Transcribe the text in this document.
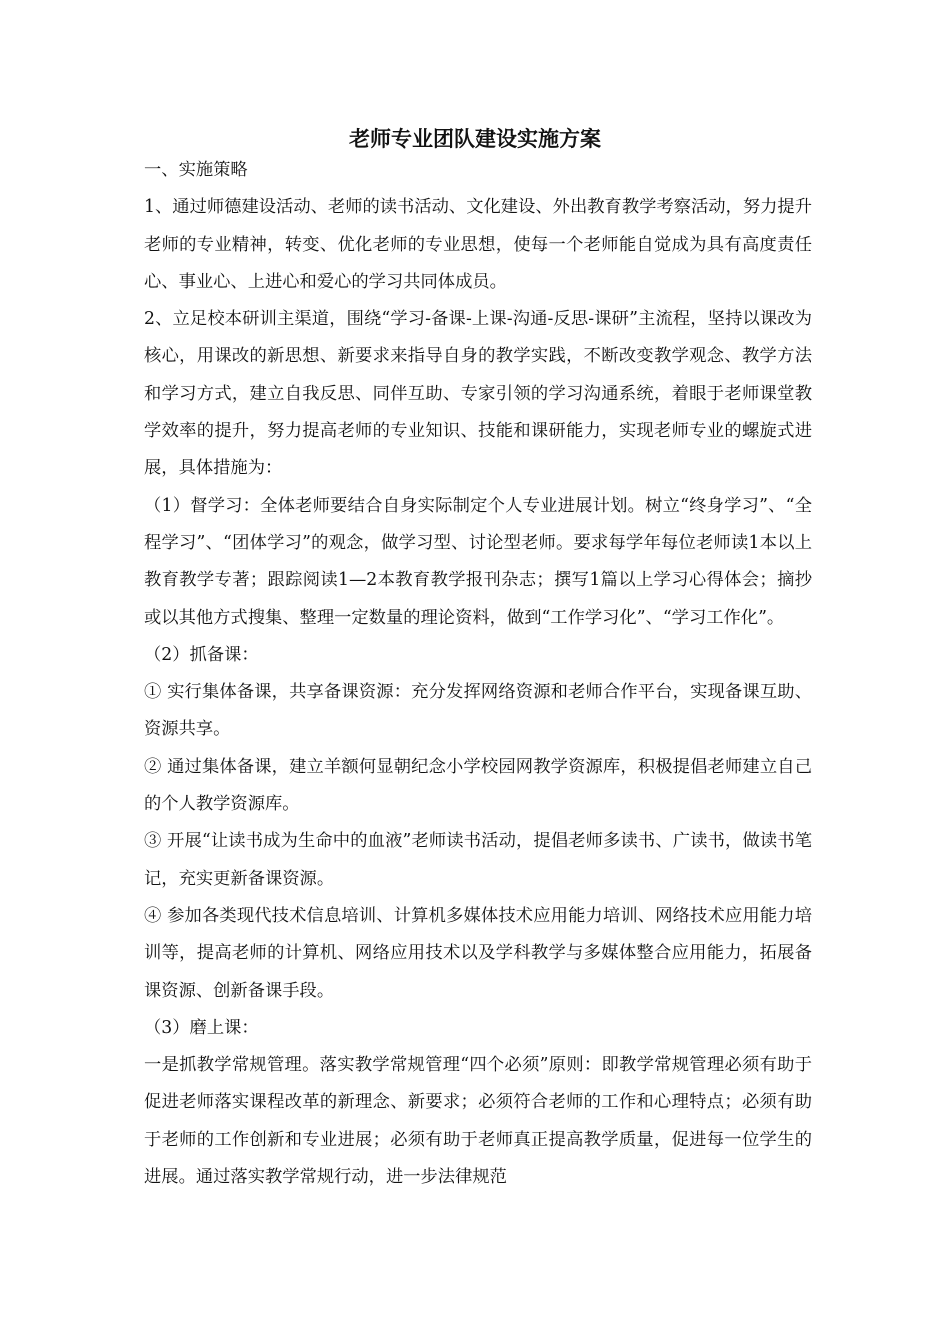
老师专业团队建设实施方案

一、实施策略

1、通过师德建设活动、老师的读书活动、文化建设、外出教育教学考察活动，努力提升老师的专业精神，转变、优化老师的专业思想，使每一个老师能自觉成为具有高度责任心、事业心、上进心和爱心的学习共同体成员。

2、立足校本研训主渠道，围绕“学习-备课-上课-沟通-反思-课研”主流程，坚持以课改为核心，用课改的新思想、新要求来指导自身的教学实践，不断改变教学观念、教学方法和学习方式，建立自我反思、同伴互助、专家引领的学习沟通系统，着眼于老师课堂教学效率的提升，努力提高老师的专业知识、技能和课研能力，实现老师专业的螺旋式进展，具体措施为：

（1）督学习：全体老师要结合自身实际制定个人专业进展计划。树立“终身学习”、“全程学习”、“团体学习”的观念，做学习型、讨论型老师。要求每学年每位老师读1本以上教育教学专著；跟踪阅读1—2本教育教学报刊杂志；撰写1篇以上学习心得体会；摘抄或以其他方式搜集、整理一定数量的理论资料，做到“工作学习化”、“学习工作化”。

（2）抓备课：

① 实行集体备课，共享备课资源：充分发挥网络资源和老师合作平台，实现备课互助、资源共享。

② 通过集体备课，建立羊额何显朝纪念小学校园网教学资源库，积极提倡老师建立自己的个人教学资源库。

③ 开展“让读书成为生命中的血液”老师读书活动，提倡老师多读书、广读书，做读书笔记，充实更新备课资源。

④ 参加各类现代技术信息培训、计算机多媒体技术应用能力培训、网络技术应用能力培训等，提高老师的计算机、网络应用技术以及学科教学与多媒体整合应用能力，拓展备课资源、创新备课手段。

（3）磨上课：

一是抓教学常规管理。落实教学常规管理“四个必须”原则：即教学常规管理必须有助于促进老师落实课程改革的新理念、新要求；必须符合老师的工作和心理特点；必须有助于老师的工作创新和专业进展；必须有助于老师真正提高教学质量，促进每一位学生的进展。通过落实教学常规行动，进一步法律规范
